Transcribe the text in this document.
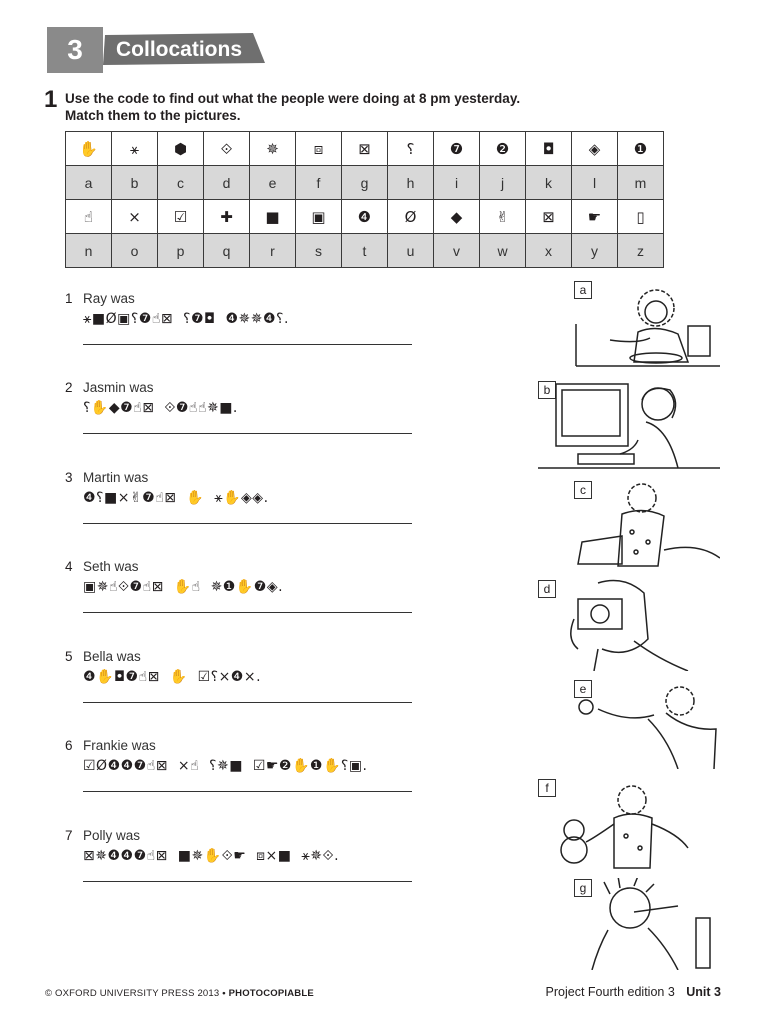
3	Collocations
1 Use the code to find out what the people were doing at 8 pm yesterday.
Match them to the pictures.
✋	⚹	⬢	⟐	✵	⧈	⊠	⸮	❼	❷	◘	◈	❶
a	b	c	d	e	f	g	h	i	j	k	l	m
☝	×	☑	✚	■	▣	❹	Ø	◆	✌	⊠	☛	▯
n	o	p	q	r	s	t	u	v	w	x	y	z
1 Ray was
⚹■Ø▣⸮❼☝⊠  ⸮❼◘  ❹✵✵❹⸮.
2 Jasmin was
⸮✋◆❼☝⊠  ⟐❼☝☝✵■.
3 Martin was
❹⸮■×✌❼☝⊠  ✋  ⚹✋◈◈.
4 Seth was
▣✵☝⟐❼☝⊠  ✋☝  ✵❶✋❼◈.
5 Bella was
❹✋◘❼☝⊠  ✋  ☑⸮×❹×.
6 Frankie was
☑Ø❹❹❼☝⊠  ×☝  ⸮✵■  ☑☛❷✋❶✋⸮▣.
7 Polly was
⊠✵❹❹❼☝⊠  ■✵✋⟐☛  ⧈×■  ⚹✵⟐.
a
b
c
d
e
f
g
© OXFORD UNIVERSITY PRESS 2013 • PHOTOCOPIABLE	Project Fourth edition 3 Unit 3
